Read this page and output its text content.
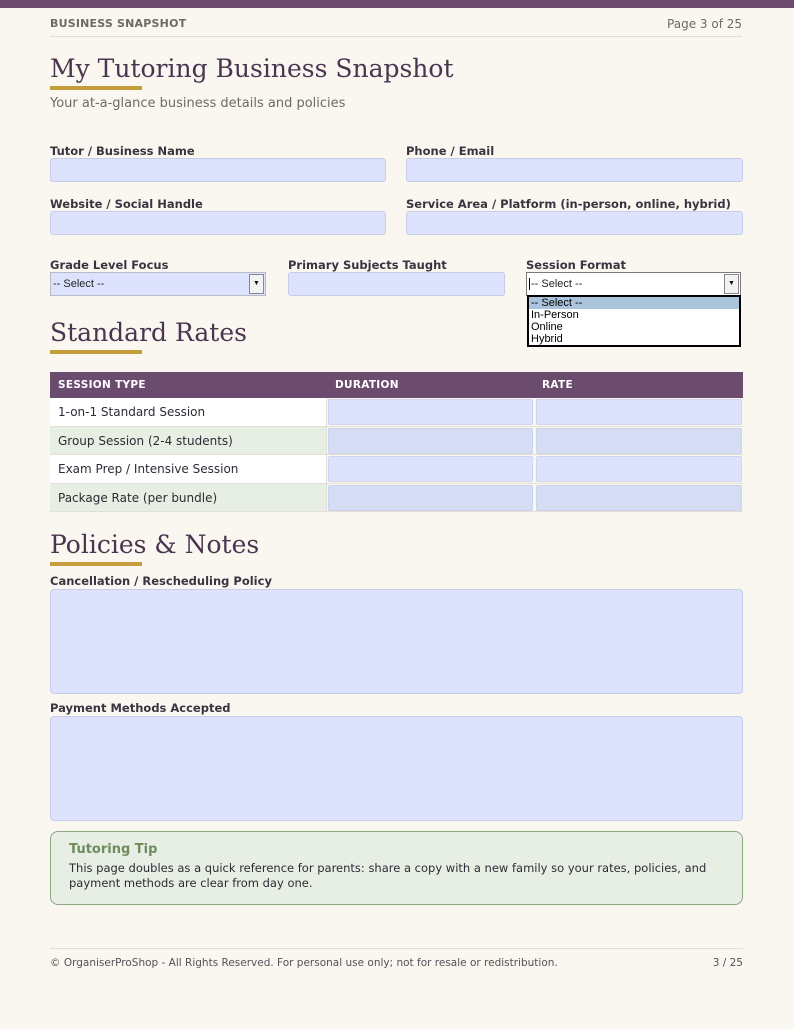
BUSINESS SNAPSHOT	Page 3 of 25
My Tutoring Business Snapshot
Your at-a-glance business details and policies
Tutor / Business Name	Phone / Email
Website / Social Handle	Service Area / Platform (in-person, online, hybrid)
Grade Level Focus
-- Select --	▼
Primary Subjects Taught	Session Format
-- Select --	▼
-- Select --
In-Person
Online
Hybrid
Standard Rates
SESSION TYPE	DURATION	RATE
1-on-1 Standard Session
Group Session (2-4 students)
Exam Prep / Intensive Session
Package Rate (per bundle)
Policies & Notes
Cancellation / Rescheduling Policy
Payment Methods Accepted
Tutoring Tip
This page doubles as a quick reference for parents: share a copy with a new family so your rates, policies, and payment methods are clear from day one.
© OrganiserProShop - All Rights Reserved. For personal use only; not for resale or redistribution.	3 / 25
